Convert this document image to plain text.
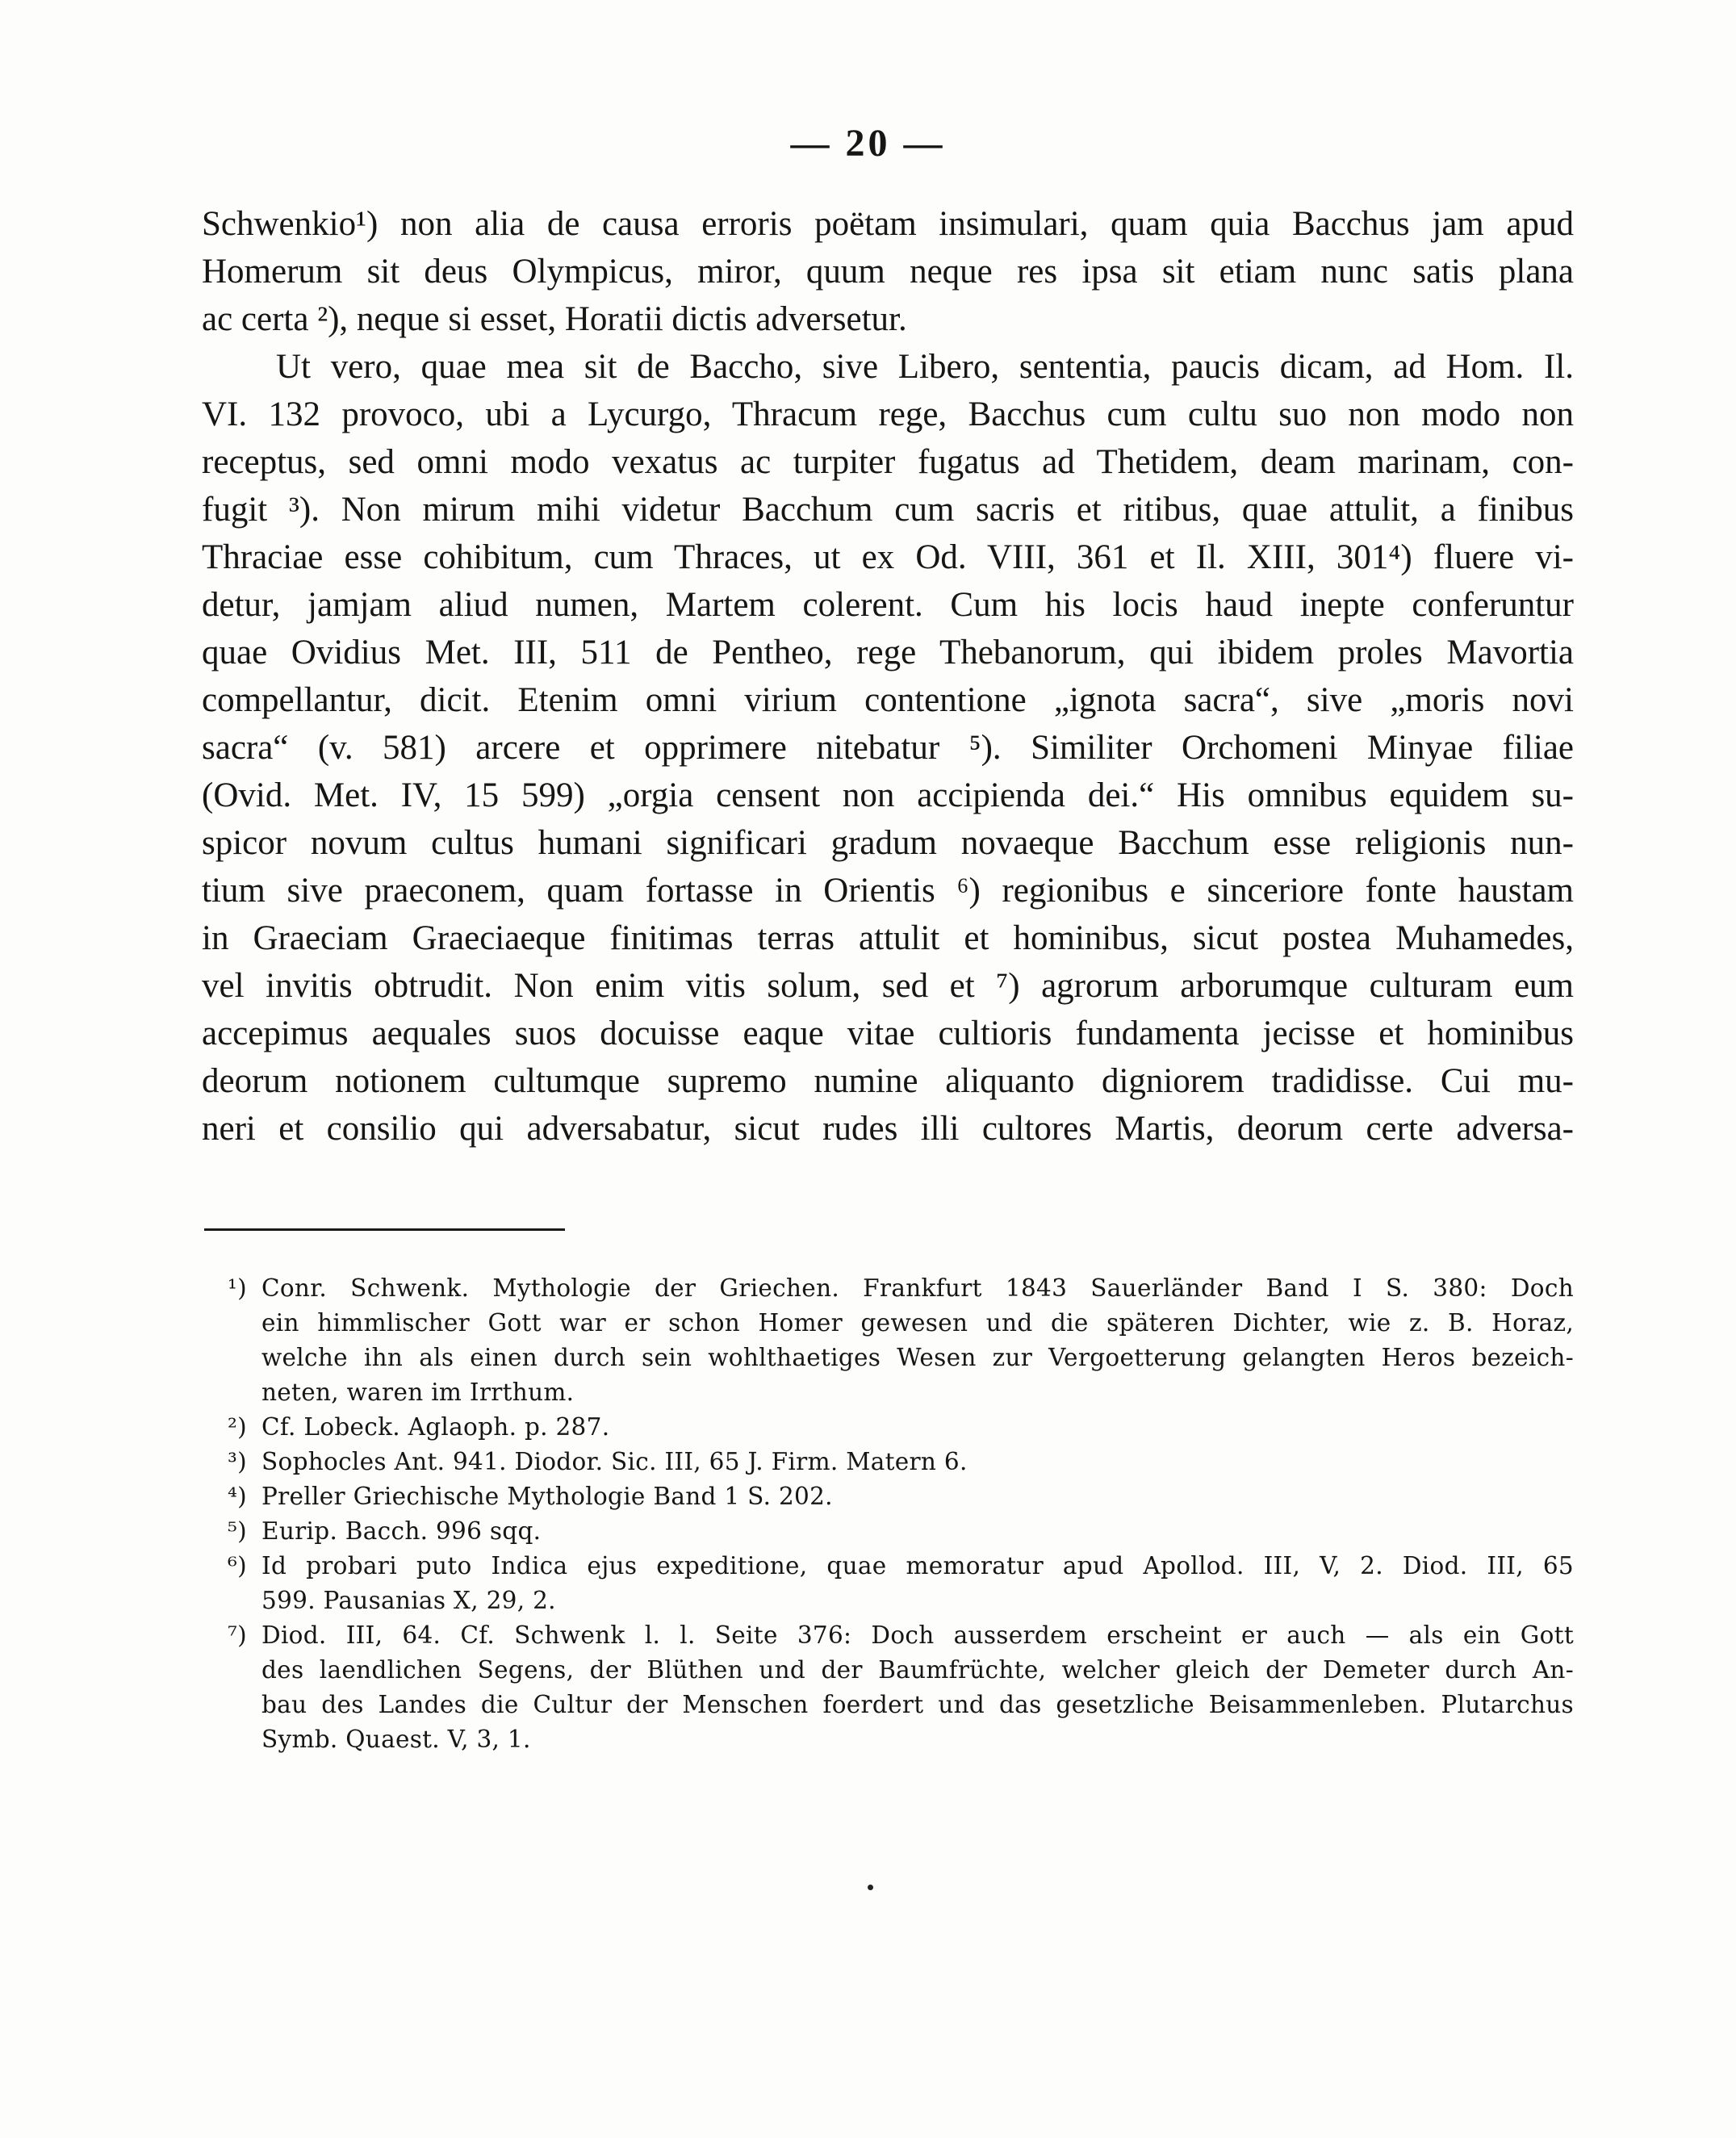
— 20 —
Schwenkio¹) non alia de causa erroris poëtam insimulari, quam quia Bacchus jam apud
Homerum sit deus Olympicus, miror, quum neque res ipsa sit etiam nunc satis plana
ac certa ²), neque si esset, Horatii dictis adversetur.
Ut vero, quae mea sit de Baccho, sive Libero, sententia, paucis dicam, ad Hom. Il.
VI. 132 provoco, ubi a Lycurgo, Thracum rege, Bacchus cum cultu suo non modo non
receptus, sed omni modo vexatus ac turpiter fugatus ad Thetidem, deam marinam, con-
fugit ³). Non mirum mihi videtur Bacchum cum sacris et ritibus, quae attulit, a finibus
Thraciae esse cohibitum, cum Thraces, ut ex Od. VIII, 361 et Il. XIII, 301⁴) fluere vi-
detur, jamjam aliud numen, Martem colerent. Cum his locis haud inepte conferuntur
quae Ovidius Met. III, 511 de Pentheo, rege Thebanorum, qui ibidem proles Mavortia
compellantur, dicit. Etenim omni virium contentione „ignota sacra“, sive „moris novi
sacra“ (v. 581) arcere et opprimere nitebatur ⁵). Similiter Orchomeni Minyae filiae
(Ovid. Met. IV, 15 599) „orgia censent non accipienda dei.“ His omnibus equidem su-
spicor novum cultus humani significari gradum novaeque Bacchum esse religionis nun-
tium sive praeconem, quam fortasse in Orientis ⁶) regionibus e sinceriore fonte haustam
in Graeciam Graeciaeque finitimas terras attulit et hominibus, sicut postea Muhamedes,
vel invitis obtrudit. Non enim vitis solum, sed et ⁷) agrorum arborumque culturam eum
accepimus aequales suos docuisse eaque vitae cultioris fundamenta jecisse et hominibus
deorum notionem cultumque supremo numine aliquanto digniorem tradidisse. Cui mu-
neri et consilio qui adversabatur, sicut rudes illi cultores Martis, deorum certe adversa-
¹) Conr. Schwenk. Mythologie der Griechen. Frankfurt 1843 Sauerländer Band I S. 380: Doch
ein himmlischer Gott war er schon Homer gewesen und die späteren Dichter, wie z. B. Horaz,
welche ihn als einen durch sein wohlthaetiges Wesen zur Vergoetterung gelangten Heros bezeich-
neten, waren im Irrthum.
²) Cf. Lobeck. Aglaoph. p. 287.
³) Sophocles Ant. 941. Diodor. Sic. III, 65 J. Firm. Matern 6.
⁴) Preller Griechische Mythologie Band 1 S. 202.
⁵) Eurip. Bacch. 996 sqq.
⁶) Id probari puto Indica ejus expeditione, quae memoratur apud Apollod. III, V, 2. Diod. III, 65
599. Pausanias X, 29, 2.
⁷) Diod. III, 64. Cf. Schwenk l. l. Seite 376: Doch ausserdem erscheint er auch — als ein Gott
des laendlichen Segens, der Blüthen und der Baumfrüchte, welcher gleich der Demeter durch An-
bau des Landes die Cultur der Menschen foerdert und das gesetzliche Beisammenleben. Plutarchus
Symb. Quaest. V, 3, 1.
